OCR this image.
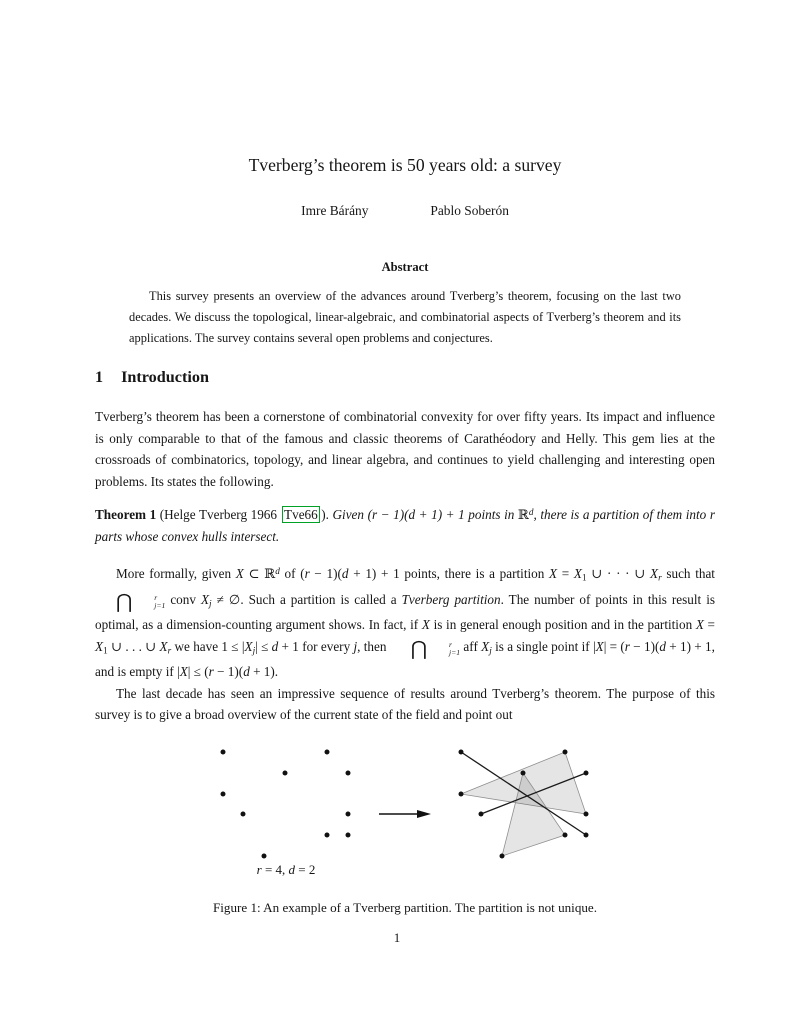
Tverberg’s theorem is 50 years old: a survey
Imre Bárány	Pablo Soberón
Abstract
This survey presents an overview of the advances around Tverberg’s theorem, focusing on the last two decades. We discuss the topological, linear-algebraic, and combinatorial aspects of Tverberg’s theorem and its applications. The survey contains several open problems and conjectures.
1 Introduction
Tverberg’s theorem has been a cornerstone of combinatorial convexity for over fifty years. Its impact and influence is only comparable to that of the famous and classic theorems of Carathéodory and Helly. This gem lies at the crossroads of combinatorics, topology, and linear algebra, and continues to yield challenging and interesting open problems. Its states the following.
Theorem 1 (Helge Tverberg 1966 Tve66 ). Given (r − 1)(d + 1) + 1 points in ℝ$^d$, there is a partition of them into r parts whose convex hulls intersect.
More formally, given X ⊂ ℝ$^d$ of (r − 1)(d + 1) + 1 points, there is a partition $X = X_1$ ∪ · · · ∪ $X_r$ such that
⋂	r
j=1 conv $X_j$ ≠ ∅. Such a partition is called a Tverberg partition. The number of points in this result is optimal, as a dimension-counting argument shows. In fact, if X is in general enough position and in the partition $X = X_1$ ∪ . . . ∪ $X_r$ we have $1 \le |X_j| \le d + 1$ for every j, then	⋂	r
j=1 aff $X_j$ is a single point if |X| = (r − 1)(d + 1) + 1, and is empty if |X| ≤ (r − 1)(d + 1).
The last decade has seen an impressive sequence of results around Tverberg’s theorem. The purpose of this survey is to give a broad overview of the current state of the field and point out
r = 4, d = 2
Figure 1: An example of a Tverberg partition. The partition is not unique.
1
